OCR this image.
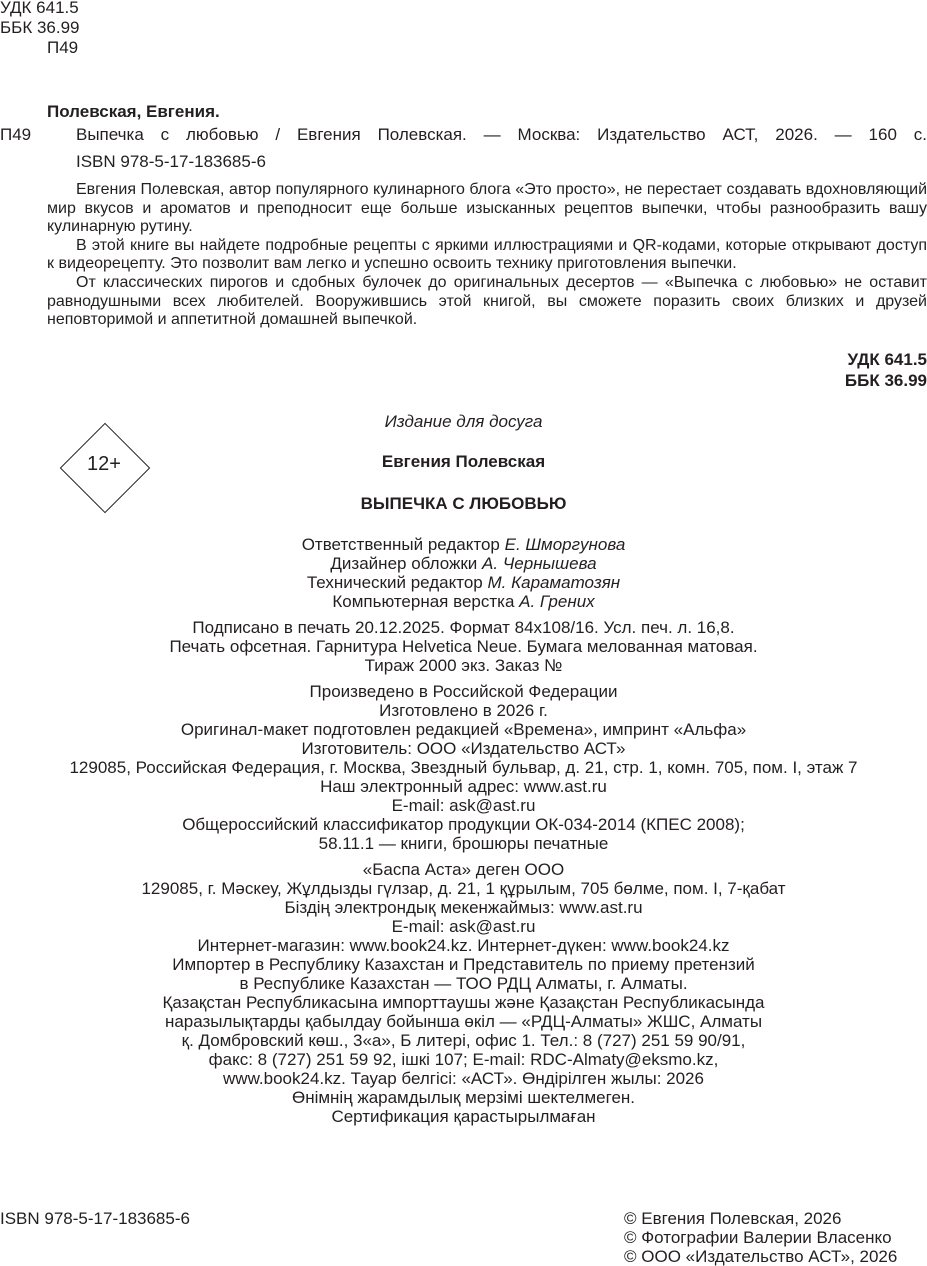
УДК 641.5
ББК 36.99
П49
Полевская, Евгения.
П49	Выпечка с любовью / Евгения Полевская. — Москва: Издательство АСТ, 2026. — 160 с.
ISBN 978-5-17-183685-6

Евгения Полевская, автор популярного кулинарного блога «Это просто», не перестает создавать вдохновляющий мир вкусов и ароматов и преподносит еще больше изысканных рецептов выпечки, чтобы разнообразить вашу кулинарную рутину.

В этой книге вы найдете подробные рецепты с яркими иллюстрациями и QR-кодами, которые открывают доступ к видеорецепту. Это позволит вам легко и успешно освоить технику приготовления выпечки.

От классических пирогов и сдобных булочек до оригинальных десертов — «Выпечка с любовью» не оставит равнодушными всех любителей. Вооружившись этой книгой, вы сможете поразить своих близких и друзей неповторимой и аппетитной домашней выпечкой.

УДК 641.5
ББК 36.99
Издание для досуга
12+	Евгения Полевская
ВЫПЕЧКА С ЛЮБОВЬЮ
Ответственный редактор Е. Шморгунова
Дизайнер обложки А. Чернышева
Технический редактор М. Караматозян
Компьютерная верстка А. Грених
Подписано в печать 20.12.2025. Формат 84x108/16. Усл. печ. л. 16,8.
Печать офсетная. Гарнитура Helvetica Neue. Бумага мелованная матовая.
Тираж 2000 экз. Заказ №
Произведено в Российской Федерации
Изготовлено в 2026 г.
Оригинал-макет подготовлен редакцией «Времена», импринт «Альфа»
Изготовитель: ООО «Издательство АСТ»
129085, Российская Федерация, г. Москва, Звездный бульвар, д. 21, стр. 1, комн. 705, пом. I, этаж 7
Наш электронный адрес: www.ast.ru
E-mail: ask@ast.ru
Общероссийский классификатор продукции ОК-034-2014 (КПЕС 2008);
58.11.1 — книги, брошюры печатные
«Баспа Аста» деген ООО
129085, г. Мәскеу, Жұлдызды гүлзар, д. 21, 1 құрылым, 705 бөлме, пом. I, 7-қабат
Біздің электрондық мекенжаймыз: www.ast.ru
E-mail: ask@ast.ru
Интернет-магазин: www.book24.kz. Интернет-дүкен: www.book24.kz
Импортер в Республику Казахстан и Представитель по приему претензий
в Республике Казахстан — ТОО РДЦ Алматы, г. Алматы.
Қазақстан Республикасына импорттаушы және Қазақстан Республикасында
наразылықтарды қабылдау бойынша өкіл — «РДЦ-Алматы» ЖШС, Алматы
қ. Домбровский көш., 3«а», Б литерi, офис 1. Тел.: 8 (727) 251 59 90/91,
факс: 8 (727) 251 59 92, ішкі 107; E-mail: RDC-Almaty@eksmo.kz,
www.book24.kz. Тауар белгісі: «АСТ». Өндірілген жылы: 2026
Өнімнің жарамдылық мерзімі шектелмеген.
Сертификация қарастырылмаған
ISBN 978-5-17-183685-6	© Евгения Полевская, 2026
© Фотографии Валерии Власенко
© ООО «Издательство АСТ», 2026
